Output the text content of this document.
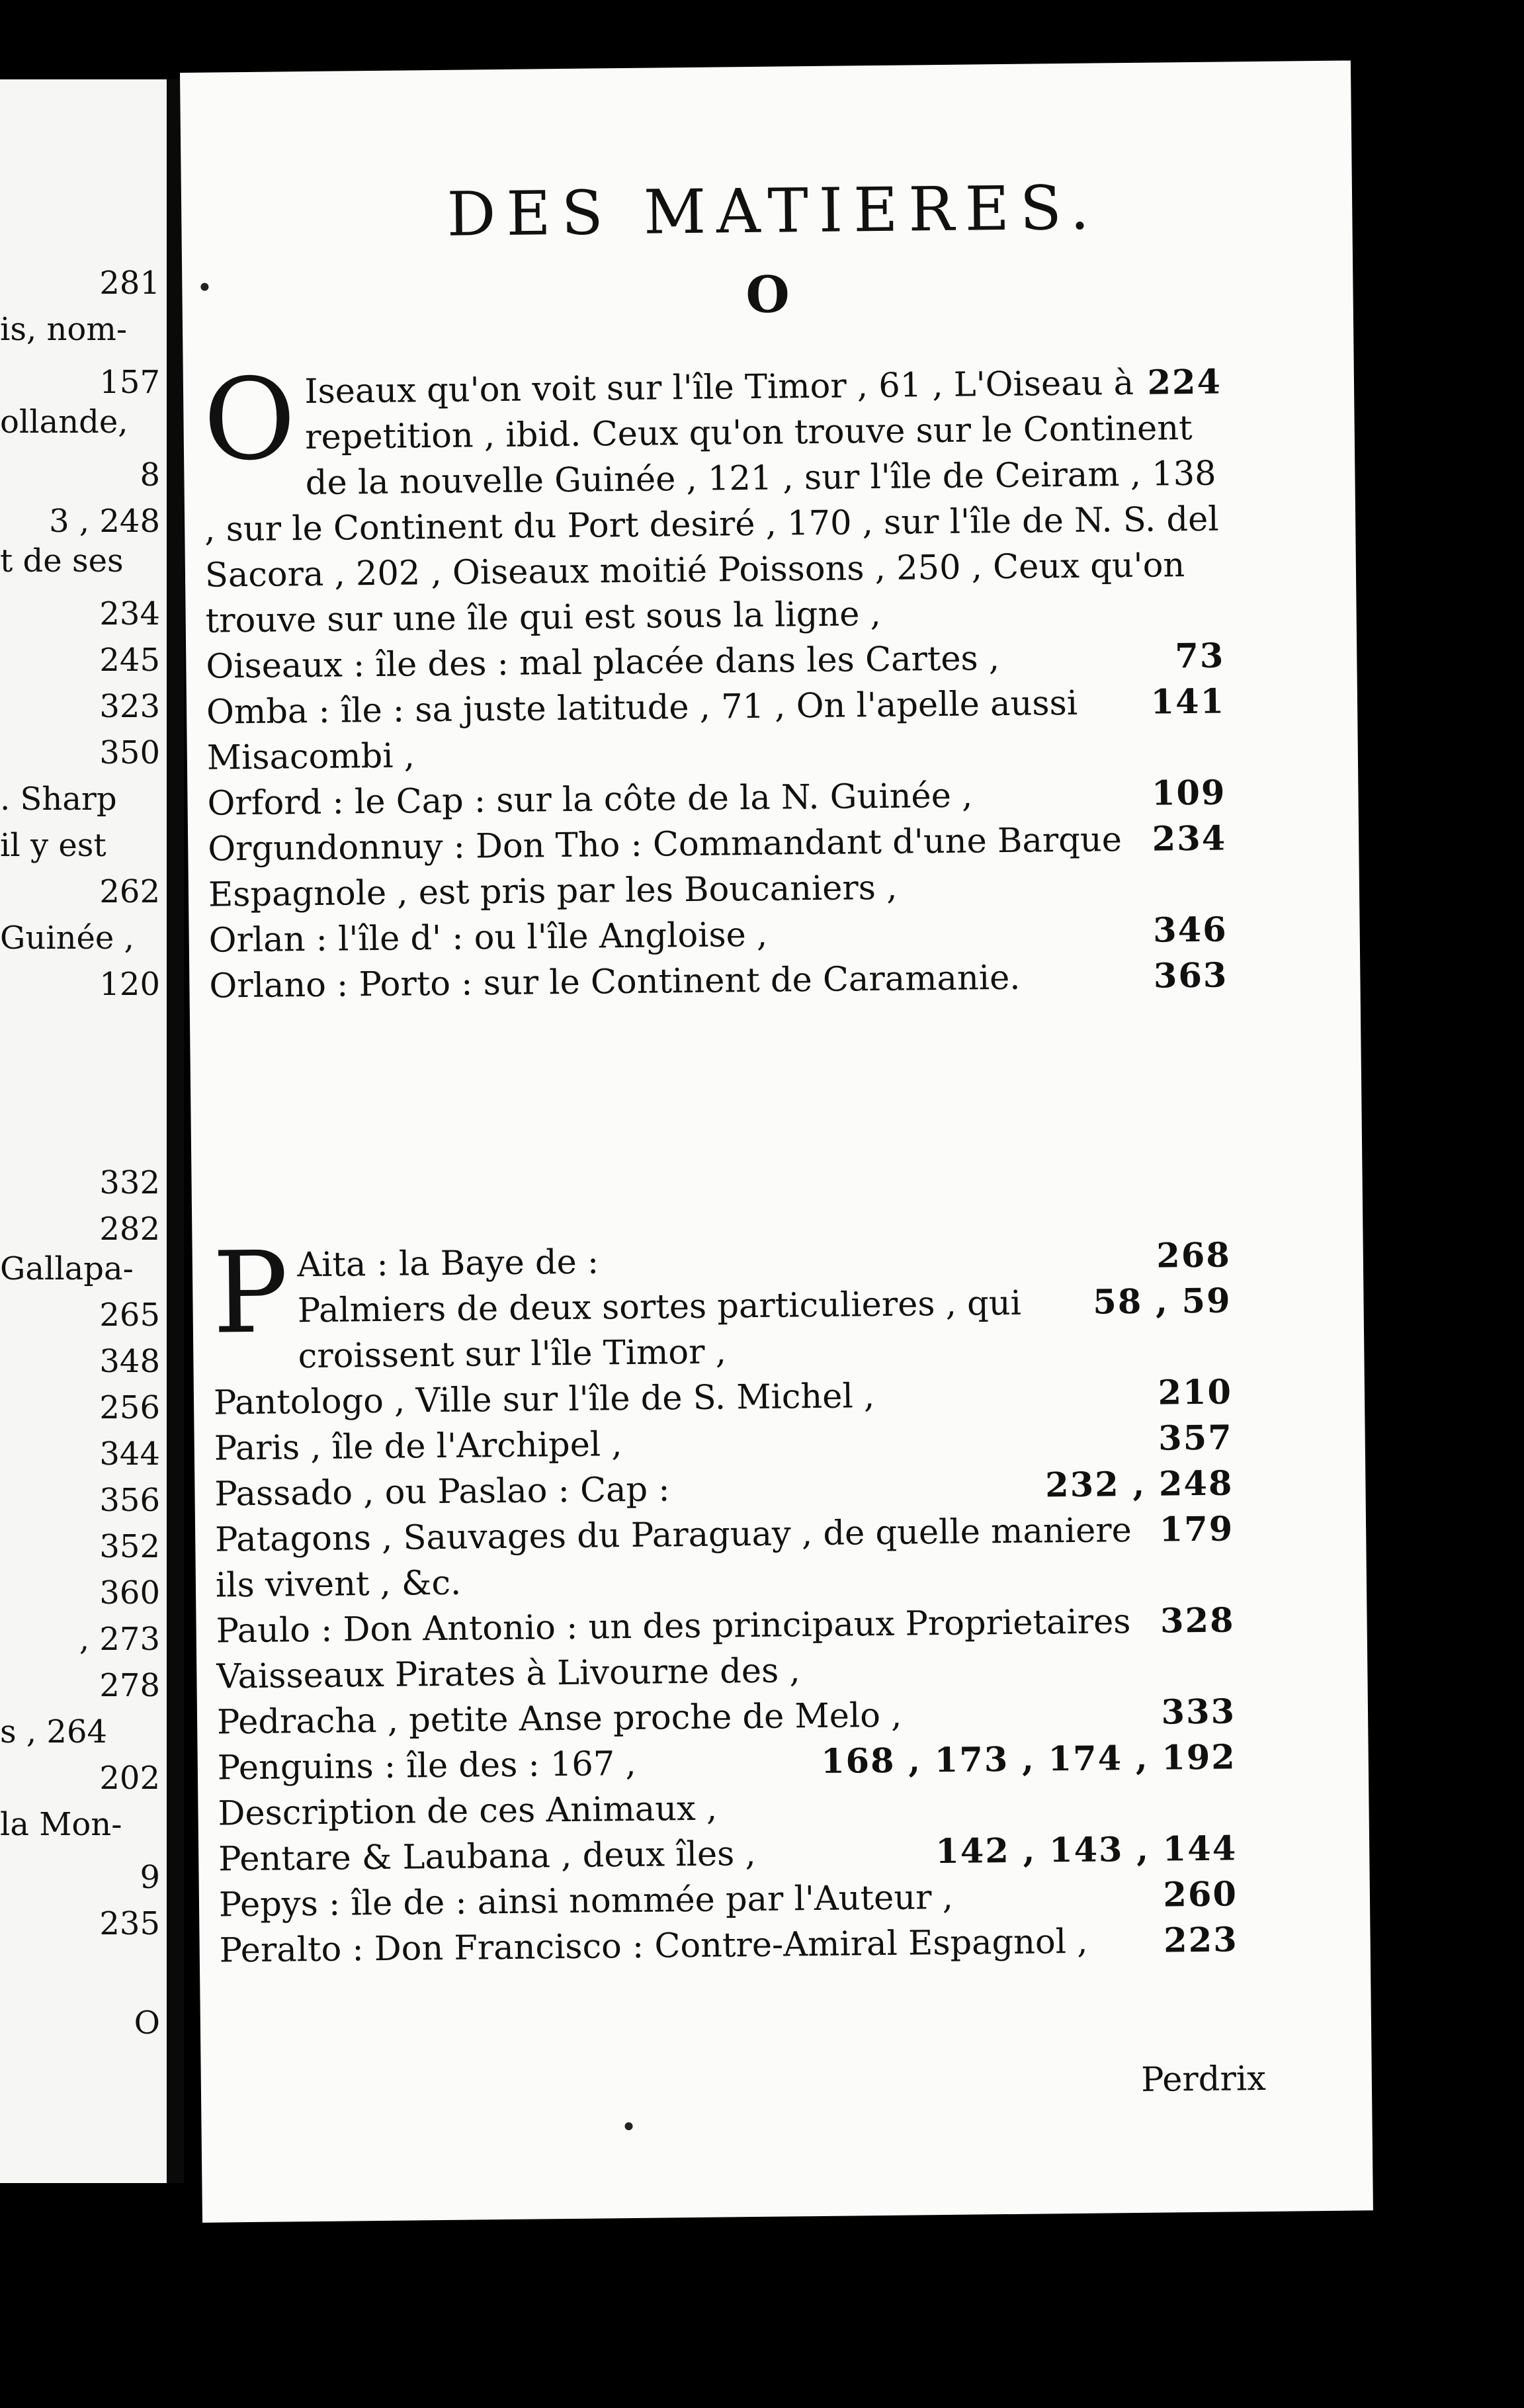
281
is, nom-
157
ollande,
8
3 , 248
t de ses
234
245
323
350
. Sharp
il y est
262
Guinée ,
120
332
282
Gallapa-
265
348
256
344
356
352
360
, 273
278
s , 264
202
la Mon-
9
235
O
DES MATIERES.
O
O	224
Iseaux qu'on voit sur l'île Timor , 61 , L'Oiseau à repetition , ibid. Ceux qu'on trouve sur le Continent de la nouvelle Guinée , 121 , sur l'île de Ceiram , 138 , sur le Continent du Port desiré , 170 , sur l'île de N. S. del Sacora , 202 , Oiseaux moitié Poissons , 250 , Ceux qu'on trouve sur une île qui est sous la ligne ,
73
Oiseaux : île des : mal placée dans les Cartes ,
141
Omba : île : sa juste latitude , 71 , On l'apelle aussi Misacombi ,
109
Orford : le Cap : sur la côte de la N. Guinée ,
234
Orgundonnuy : Don Tho : Commandant d'une Barque Espagnole , est pris par les Boucaniers ,
346
Orlan : l'île d' : ou l'île Angloise ,
363
Orlano : Porto : sur le Continent de Caramanie.
P	268
Aita : la Baye de :
58 , 59
Palmiers de deux sortes particulieres , qui croissent sur l'île Timor ,
210
Pantologo , Ville sur l'île de S. Michel ,
357
Paris , île de l'Archipel ,
232 , 248
Passado , ou Paslao : Cap :
179
Patagons , Sauvages du Paraguay , de quelle maniere ils vivent , &c.
328
Paulo : Don Antonio : un des principaux Proprietaires Vaisseaux Pirates à Livourne des ,
333
Pedracha , petite Anse proche de Melo ,
168 , 173 , 174 , 192
Penguins : île des : 167 , Description de ces Animaux ,
142 , 143 , 144
Pentare & Laubana , deux îles ,
260
Pepys : île de : ainsi nommée par l'Auteur ,
223
Peralto : Don Francisco : Contre-Amiral Espagnol ,
Perdrix
